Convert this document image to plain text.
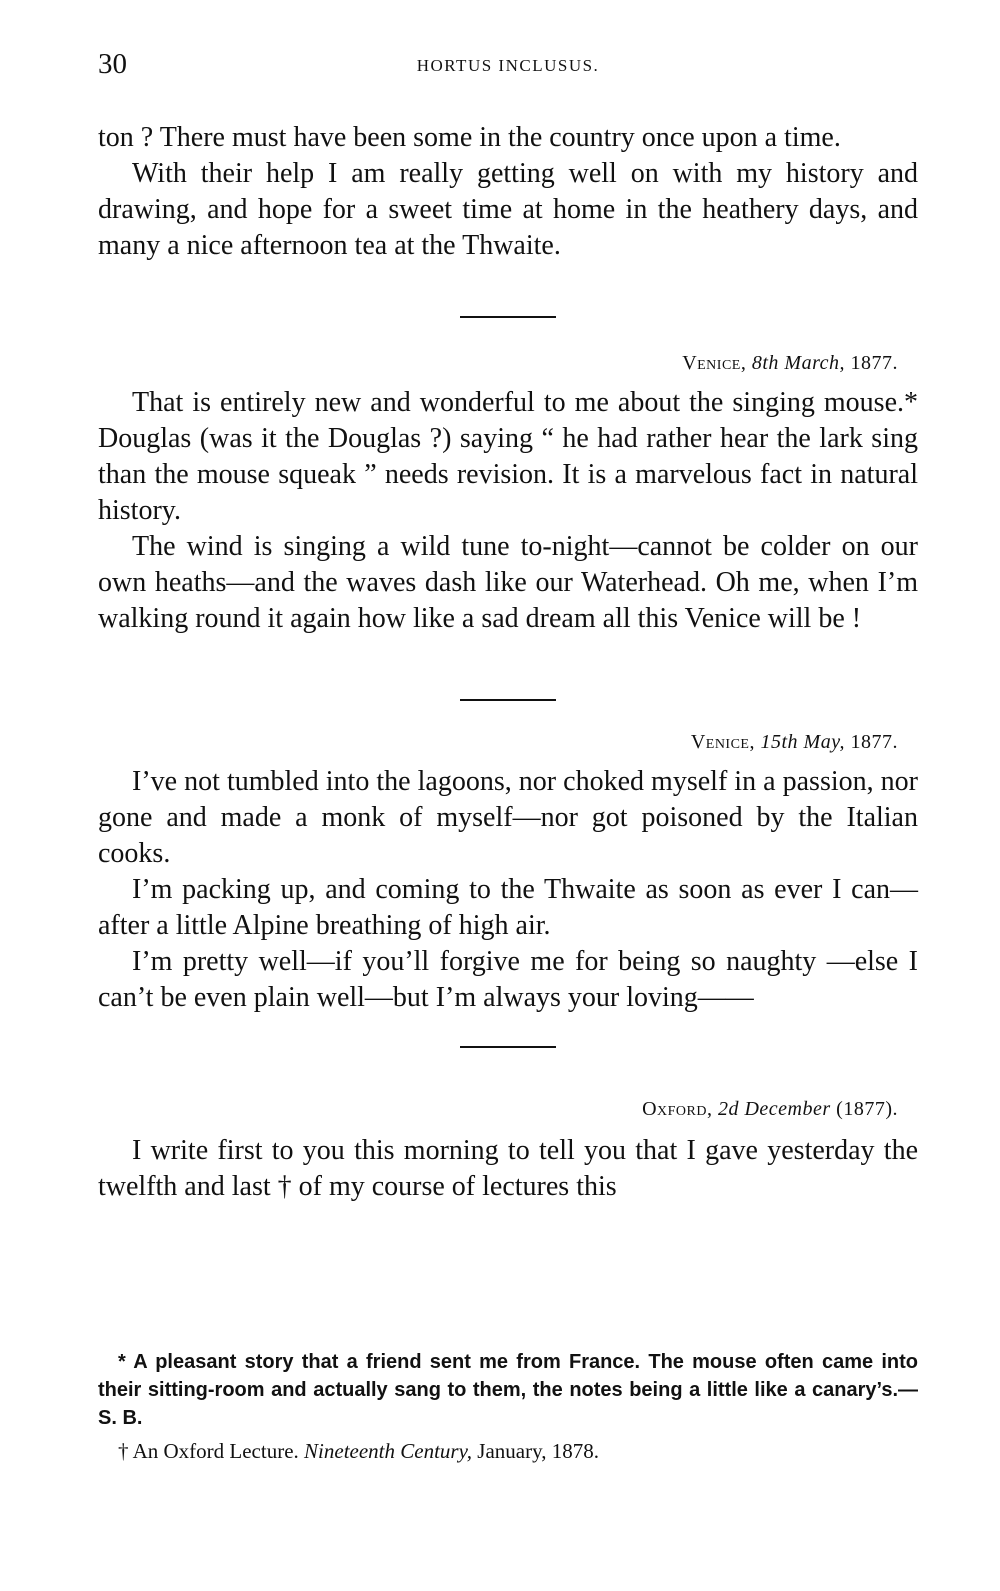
30	HORTUS INCLUSUS.

ton ? There must have been some in the country once upon a time.

With their help I am really getting well on with my history and drawing, and hope for a sweet time at home in the heathery days, and many a nice afternoon tea at the Thwaite.

Venice, 8th March, 1877.

That is entirely new and wonderful to me about the singing mouse.* Douglas (was it the Douglas ?) saying “ he had rather hear the lark sing than the mouse squeak ” needs revision. It is a marvelous fact in natural history.

The wind is singing a wild tune to-night—cannot be colder on our own heaths—and the waves dash like our Waterhead. Oh me, when I’m walking round it again how like a sad dream all this Venice will be !

Venice, 15th May, 1877.

I’ve not tumbled into the lagoons, nor choked myself in a passion, nor gone and made a monk of myself—nor got poisoned by the Italian cooks.

I’m packing up, and coming to the Thwaite as soon as ever I can—after a little Alpine breathing of high air.

I’m pretty well—if you’ll forgive me for being so naughty —else I can’t be even plain well—but I’m always your loving——

Oxford, 2d December (1877).

I write first to you this morning to tell you that I gave yesterday the twelfth and last † of my course of lectures this

* A pleasant story that a friend sent me from France. The mouse often came into their sitting-room and actually sang to them, the notes being a little like a canary’s.—S. B.
† An Oxford Lecture. Nineteenth Century, January, 1878.
